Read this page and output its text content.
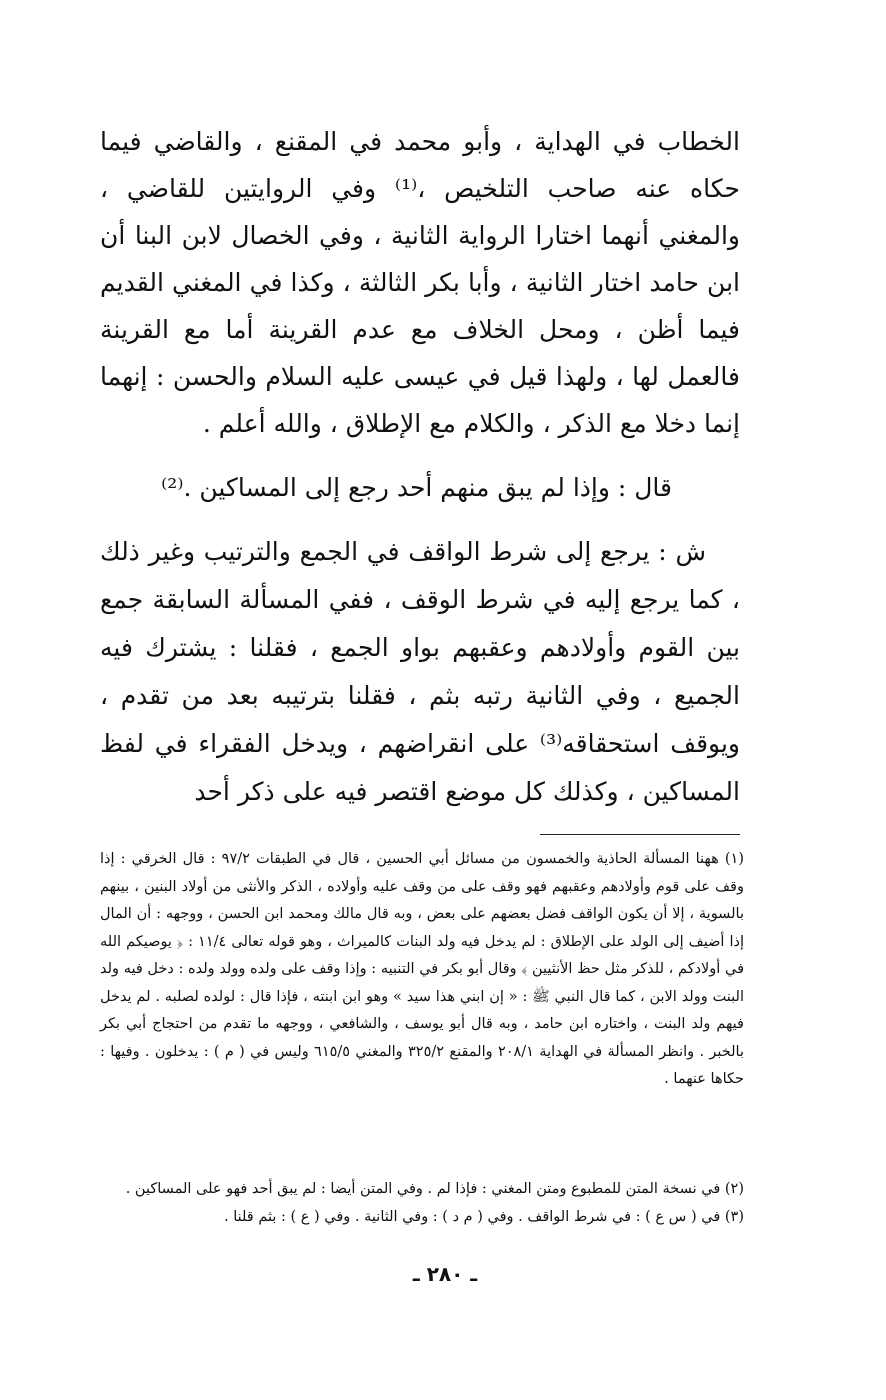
الخطاب في الهداية ، وأبو محمد في المقنع ، والقاضي فيما حكاه عنه صاحب التلخيص ،⁽¹⁾ وفي الروايتين للقاضي ، والمغني أنهما اختارا الرواية الثانية ، وفي الخصال لابن البنا أن ابن حامد اختار الثانية ، وأبا بكر الثالثة ، وكذا في المغني القديم فيما أظن ، ومحل الخلاف مع عدم القرينة أما مع القرينة فالعمل لها ، ولهذا قيل في عيسى عليه السلام والحسن : إنهما إنما دخلا مع الذكر ، والكلام مع الإطلاق ، والله أعلم .

قال : وإذا لم يبق منهم أحد رجع إلى المساكين .⁽²⁾

ش : يرجع إلى شرط الواقف في الجمع والترتيب وغير ذلك ، كما يرجع إليه في شرط الوقف ، ففي المسألة السابقة جمع بين القوم وأولادهم وعقبهم بواو الجمع ، فقلنا : يشترك فيه الجميع ، وفي الثانية رتبه بثم ، فقلنا بترتيبه بعد من تقدم ، ويوقف استحقاقه⁽³⁾ على انقراضهم ، ويدخل الفقراء في لفظ المساكين ، وكذلك كل موضع اقتصر فيه على ذكر أحد

(١) ههنا المسألة الحاذية والخمسون من مسائل أبي الحسين ، قال في الطبقات ٩٧/٢ : قال الخرقي : إذا وقف على قوم وأولادهم وعقبهم فهو وقف على من وقف عليه وأولاده ، الذكر والأنثى من أولاد البنين ، بينهم بالسوية ، إلا أن يكون الواقف فضل بعضهم على بعض ، وبه قال مالك ومحمد ابن الحسن ، ووجهه : أن المال إذا أضيف إلى الولد على الإطلاق : لم يدخل فيه ولد البنات كالميراث ، وهو قوله تعالى ١١/٤ : ﴿ يوصيكم الله في أولادكم ، للذكر مثل حظ الأنثيين ﴾ وقال أبو بكر في التنبيه : وإذا وقف على ولده وولد ولده : دخل فيه ولد البنت وولد الابن ، كما قال النبي ﷺ : « إن ابني هذا سيد » وهو ابن ابنته ، فإذا قال : لولده لصلبه . لم يدخل فيهم ولد البنت ، واختاره ابن حامد ، وبه قال أبو يوسف ، والشافعي ، ووجهه ما تقدم من احتجاج أبي بكر بالخبر . وانظر المسألة في الهداية ٢٠٨/١ والمقنع ٣٢٥/٢ والمغني ٦١٥/٥ وليس في ( م ) : يدخلون . وفيها : حكاها عنهما .

(٢) في نسخة المتن للمطبوع ومتن المغني : فإذا لم . وفي المتن أيضا : لم يبق أحد فهو على المساكين .

(٣) في ( س ع ) : في شرط الواقف . وفي ( م د ) : وفي الثانية . وفي ( ع ) : بثم قلنا .

ـ ٢٨٠ ـ
